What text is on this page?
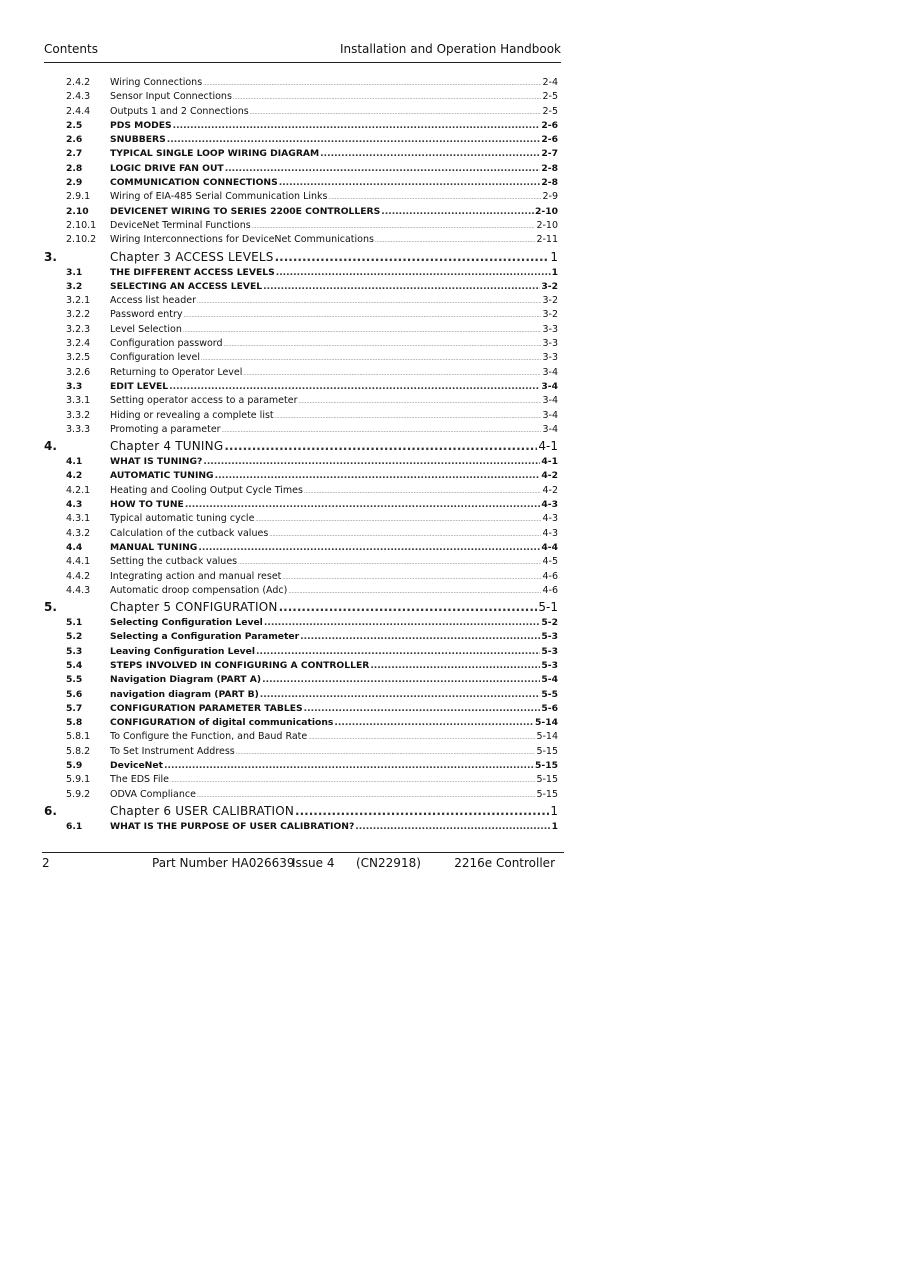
Contents	Installation and Operation Handbook
2.4.2	Wiring Connections .....	2-4
2.4.3	Sensor Input Connections .....	2-5
2.4.4	Outputs 1 and 2 Connections .....	2-5
2.5	PDS MODES .....	2-6
2.6	SNUBBERS .....	2-6
2.7	TYPICAL SINGLE LOOP WIRING DIAGRAM .....	2-7
2.8	LOGIC DRIVE FAN OUT .....	2-8
2.9	COMMUNICATION CONNECTIONS .....	2-8
2.9.1	Wiring of EIA-485 Serial Communication Links .....	2-9
2.10	DEVICENET WIRING TO SERIES 2200E CONTROLLERS .....	2-10
2.10.1	DeviceNet Terminal Functions .....	2-10
2.10.2	Wiring Interconnections for DeviceNet Communications .....	2-11
3.	Chapter 3 ACCESS LEVELS .....	1
3.1	THE DIFFERENT ACCESS LEVELS .....	1
3.2	SELECTING AN ACCESS LEVEL .....	3-2
3.2.1	Access list header .....	3-2
3.2.2	Password entry .....	3-2
3.2.3	Level Selection .....	3-3
3.2.4	Configuration password .....	3-3
3.2.5	Configuration level .....	3-3
3.2.6	Returning to Operator Level .....	3-4
3.3	EDIT LEVEL .....	3-4
3.3.1	Setting operator access to a parameter .....	3-4
3.3.2	Hiding or revealing a complete list .....	3-4
3.3.3	Promoting a parameter .....	3-4
4.	Chapter 4 TUNING .....	4-1
4.1	WHAT IS TUNING? .....	4-1
4.2	AUTOMATIC TUNING .....	4-2
4.2.1	Heating and Cooling Output Cycle Times .....	4-2
4.3	HOW TO TUNE .....	4-3
4.3.1	Typical automatic tuning cycle .....	4-3
4.3.2	Calculation of the cutback values .....	4-3
4.4	MANUAL TUNING .....	4-4
4.4.1	Setting the cutback values .....	4-5
4.4.2	Integrating action and manual reset .....	4-6
4.4.3	Automatic droop compensation (Adc) .....	4-6
5.	Chapter 5 CONFIGURATION .....	5-1
5.1	Selecting Configuration Level .....	5-2
5.2	Selecting a Configuration Parameter .....	5-3
5.3	Leaving Configuration Level .....	5-3
5.4	STEPS INVOLVED IN CONFIGURING A CONTROLLER .....	5-3
5.5	Navigation Diagram (PART A) .....	5-4
5.6	navigation diagram (PART B) .....	5-5
5.7	CONFIGURATION PARAMETER TABLES .....	5-6
5.8	CONFIGURATION of digital communications .....	5-14
5.8.1	To Configure the Function, and Baud Rate .....	5-14
5.8.2	To Set Instrument Address .....	5-15
5.9	DeviceNet .....	5-15
5.9.1	The EDS File .....	5-15
5.9.2	ODVA Compliance .....	5-15
6.	Chapter 6 USER CALIBRATION .....	1
6.1	WHAT IS THE PURPOSE OF USER CALIBRATION? .....	1
2	Part Number HA026639
Issue 4 (CN22918)	2216e Controller
